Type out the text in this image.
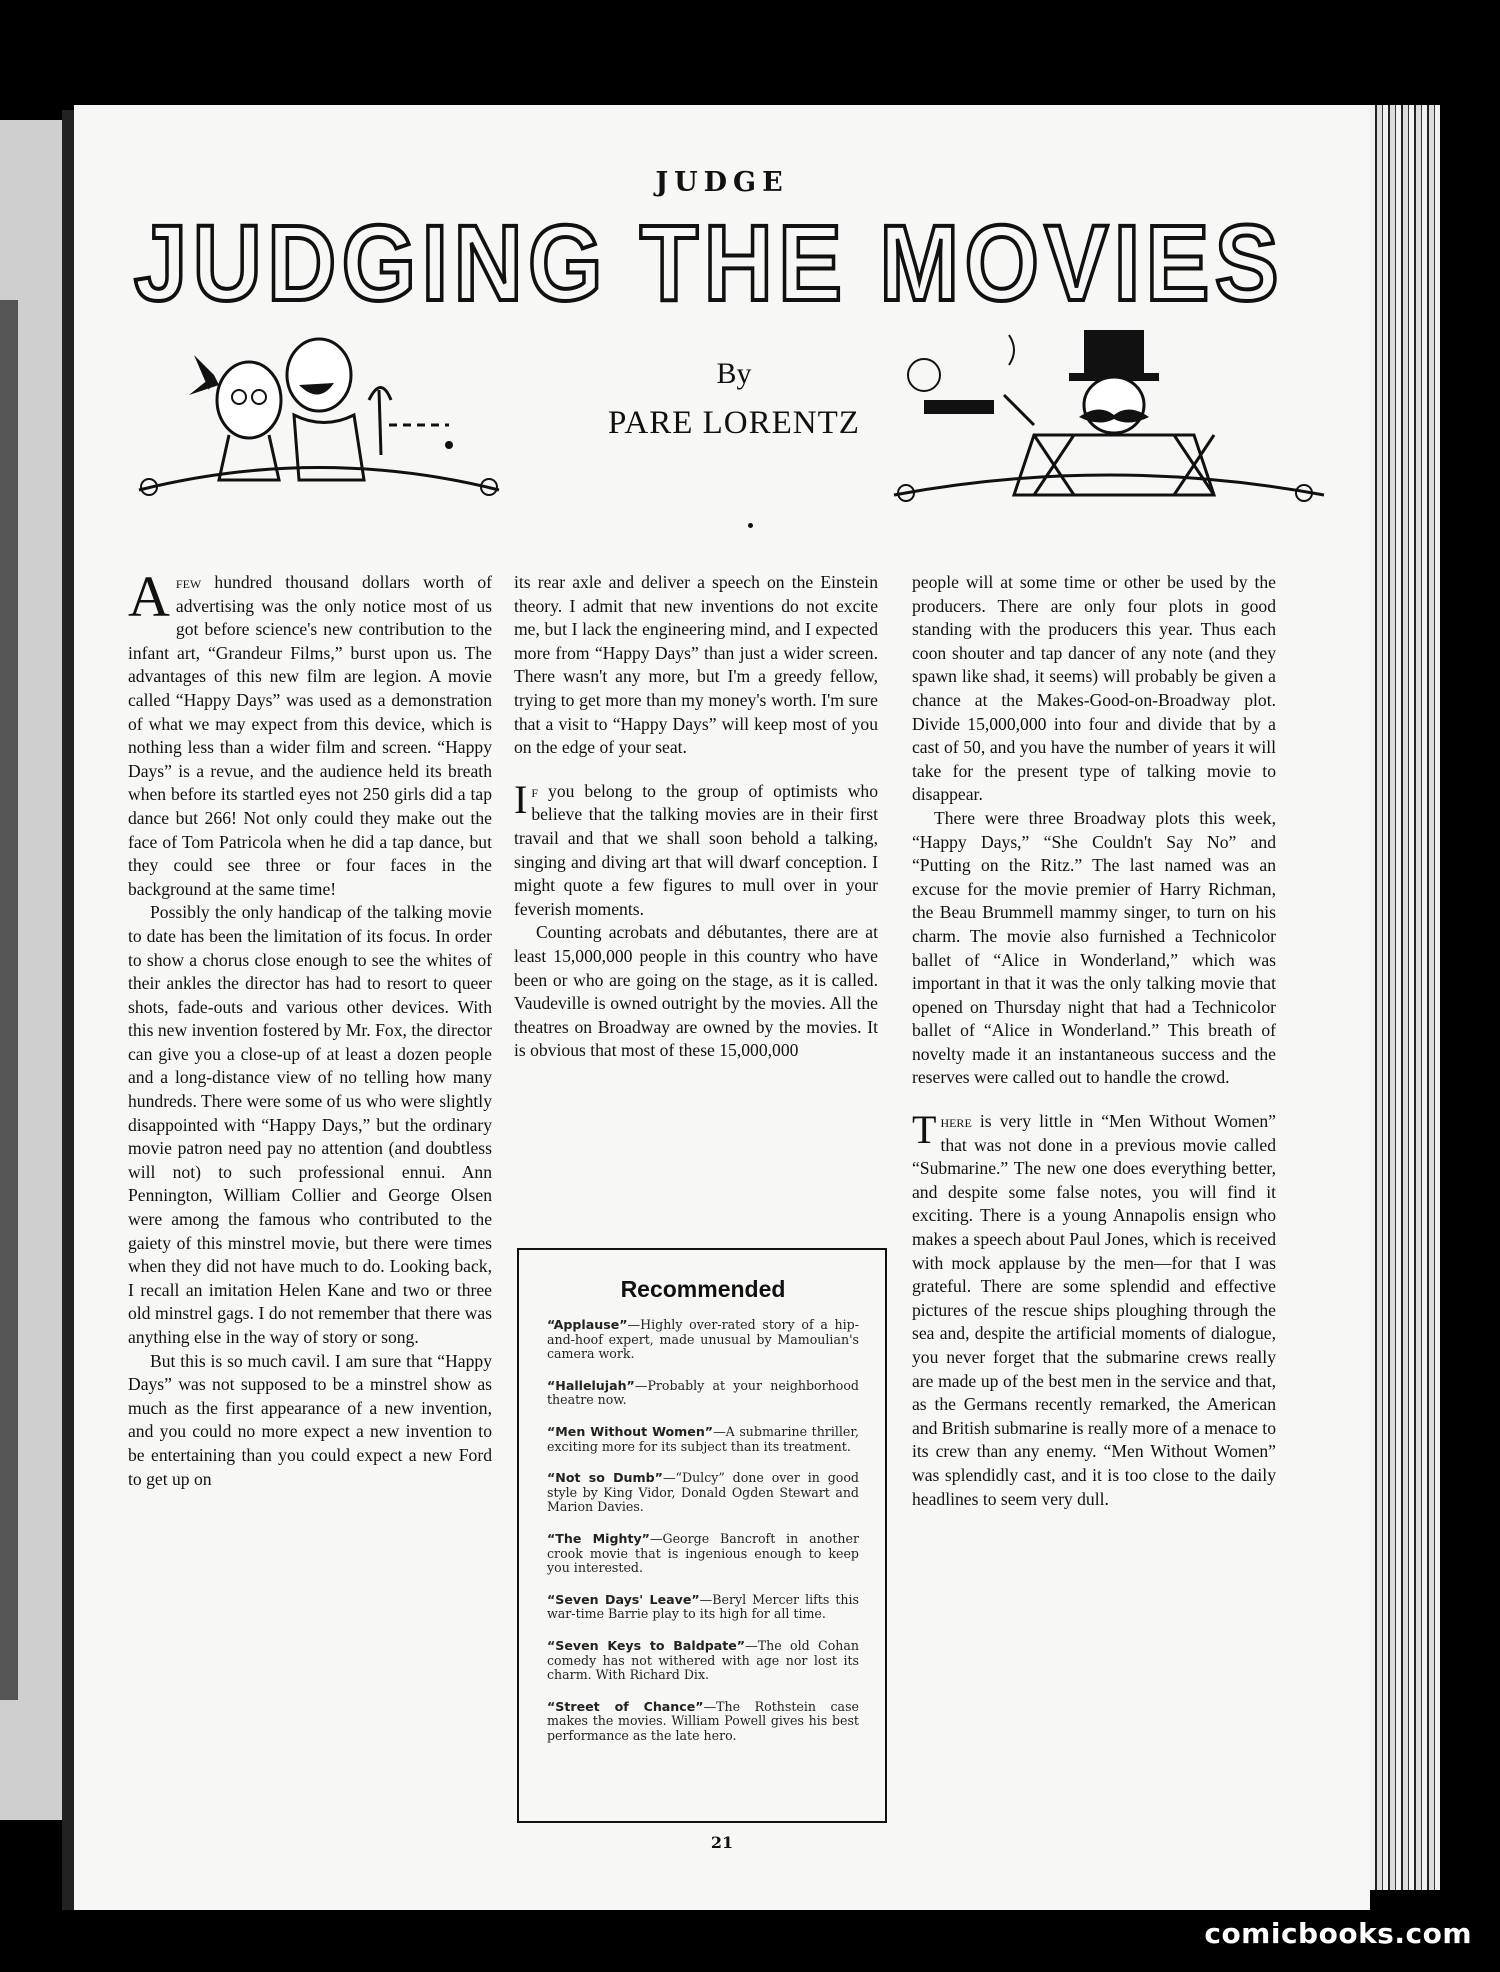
JUDGE
JUDGING THE MOVIES
By
PARE LORENTZ

Afew hundred thousand dollars worth of advertising was the only notice most of us got before science's new contribution to the infant art, “Grandeur Films,” burst upon us. The advantages of this new film are legion. A movie called “Happy Days” was used as a demonstration of what we may expect from this device, which is nothing less than a wider film and screen. “Happy Days” is a revue, and the audience held its breath when before its startled eyes not 250 girls did a tap dance but 266! Not only could they make out the face of Tom Patricola when he did a tap dance, but they could see three or four faces in the background at the same time!

Possibly the only handicap of the talking movie to date has been the limitation of its focus. In order to show a chorus close enough to see the whites of their ankles the director has had to resort to queer shots, fade-outs and various other devices. With this new invention fostered by Mr. Fox, the director can give you a close-up of at least a dozen people and a long-distance view of no telling how many hundreds. There were some of us who were slightly disappointed with “Happy Days,” but the ordinary movie patron need pay no attention (and doubtless will not) to such professional ennui. Ann Pennington, William Collier and George Olsen were among the famous who contributed to the gaiety of this minstrel movie, but there were times when they did not have much to do. Looking back, I recall an imitation Helen Kane and two or three old minstrel gags. I do not remember that there was anything else in the way of story or song.

But this is so much cavil. I am sure that “Happy Days” was not supposed to be a minstrel show as much as the first appearance of a new invention, and you could no more expect a new invention to be entertaining than you could expect a new Ford to get up on

its rear axle and deliver a speech on the Einstein theory. I admit that new inventions do not excite me, but I lack the engineering mind, and I expected more from “Happy Days” than just a wider screen. There wasn't any more, but I'm a greedy fellow, trying to get more than my money's worth. I'm sure that a visit to “Happy Days” will keep most of you on the edge of your seat.

If you belong to the group of optimists who believe that the talking movies are in their first travail and that we shall soon behold a talking, singing and diving art that will dwarf conception. I might quote a few figures to mull over in your feverish moments.

Counting acrobats and débutantes, there are at least 15,000,000 people in this country who have been or who are going on the stage, as it is called. Vaudeville is owned outright by the movies. All the theatres on Broadway are owned by the movies. It is obvious that most of these 15,000,000

people will at some time or other be used by the producers. There are only four plots in good standing with the producers this year. Thus each coon shouter and tap dancer of any note (and they spawn like shad, it seems) will probably be given a chance at the Makes-Good-on-Broadway plot. Divide 15,000,000 into four and divide that by a cast of 50, and you have the number of years it will take for the present type of talking movie to disappear.

There were three Broadway plots this week, “Happy Days,” “She Couldn't Say No” and “Putting on the Ritz.” The last named was an excuse for the movie premier of Harry Richman, the Beau Brummell mammy singer, to turn on his charm. The movie also furnished a Technicolor ballet of “Alice in Wonderland,” which was important in that it was the only talking movie that opened on Thursday night that had a Technicolor ballet of “Alice in Wonderland.” This breath of novelty made it an instantaneous success and the reserves were called out to handle the crowd.

There is very little in “Men Without Women” that was not done in a previous movie called “Submarine.” The new one does everything better, and despite some false notes, you will find it exciting. There is a young Annapolis ensign who makes a speech about Paul Jones, which is received with mock applause by the men—for that I was grateful. There are some splendid and effective pictures of the rescue ships ploughing through the sea and, despite the artificial moments of dialogue, you never forget that the submarine crews really are made up of the best men in the service and that, as the Germans recently remarked, the American and British submarine is really more of a menace to its crew than any enemy. “Men Without Women” was splendidly cast, and it is too close to the daily headlines to seem very dull.

Recommended
“Applause”—Highly over-rated story of a hip-and-hoof expert, made unusual by Mamoulian's camera work.
“Hallelujah”—Probably at your neighborhood theatre now.
“Men Without Women”—A submarine thriller, exciting more for its subject than its treatment.
“Not so Dumb”—“Dulcy” done over in good style by King Vidor, Donald Ogden Stewart and Marion Davies.
“The Mighty”—George Bancroft in another crook movie that is ingenious enough to keep you interested.
“Seven Days' Leave”—Beryl Mercer lifts this war-time Barrie play to its high for all time.
“Seven Keys to Baldpate”—The old Cohan comedy has not withered with age nor lost its charm. With Richard Dix.
“Street of Chance”—The Rothstein case makes the movies. William Powell gives his best performance as the late hero.
21
comicbooks.com
